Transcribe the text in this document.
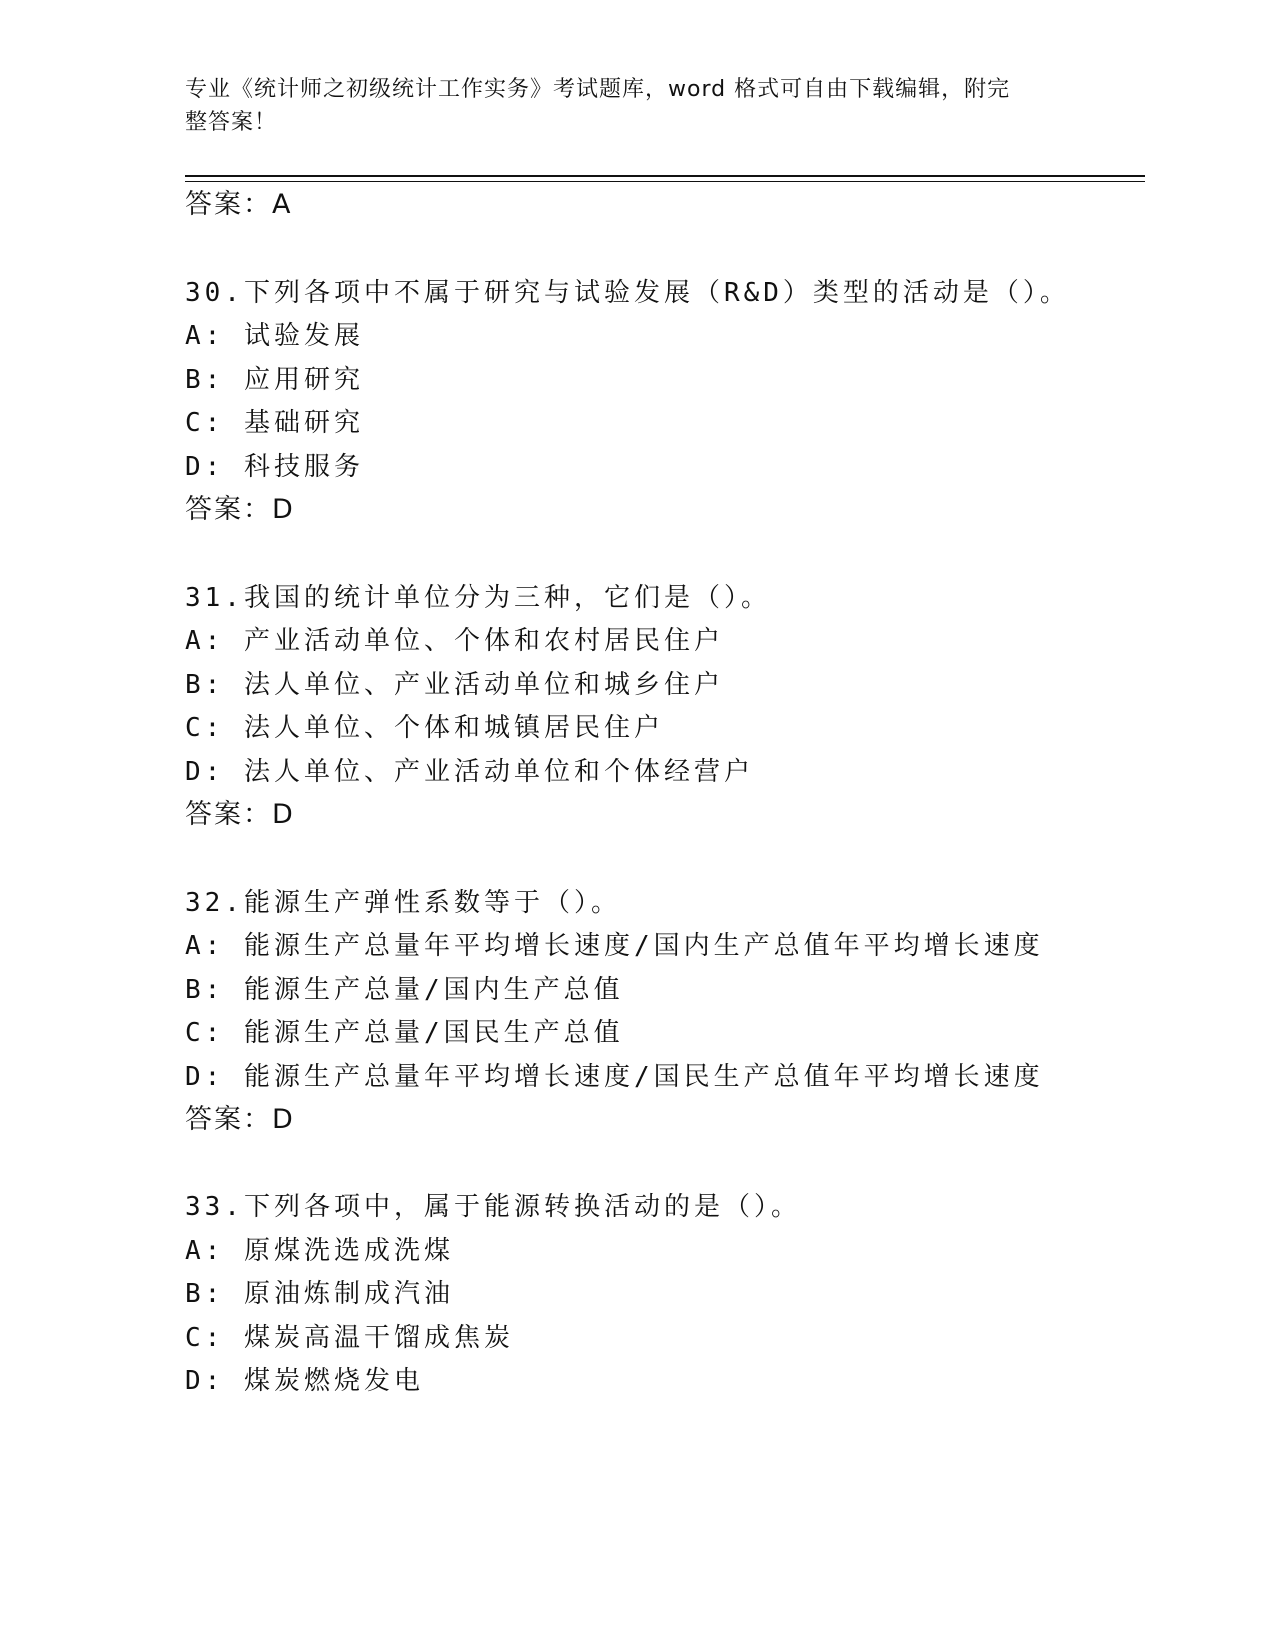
专业《统计师之初级统计工作实务》考试题库，word 格式可自由下载编辑，附完
整答案！
答案：A
30.下列各项中不属于研究与试验发展（R&D）类型的活动是（）。
A: 试验发展
B: 应用研究
C: 基础研究
D: 科技服务
答案：D
31.我国的统计单位分为三种，它们是（）。
A: 产业活动单位、个体和农村居民住户
B: 法人单位、产业活动单位和城乡住户
C: 法人单位、个体和城镇居民住户
D: 法人单位、产业活动单位和个体经营户
答案：D
32.能源生产弹性系数等于（）。
A: 能源生产总量年平均增长速度/国内生产总值年平均增长速度
B: 能源生产总量/国内生产总值
C: 能源生产总量/国民生产总值
D: 能源生产总量年平均增长速度/国民生产总值年平均增长速度
答案：D
33.下列各项中，属于能源转换活动的是（）。
A: 原煤洗选成洗煤
B: 原油炼制成汽油
C: 煤炭高温干馏成焦炭
D: 煤炭燃烧发电
